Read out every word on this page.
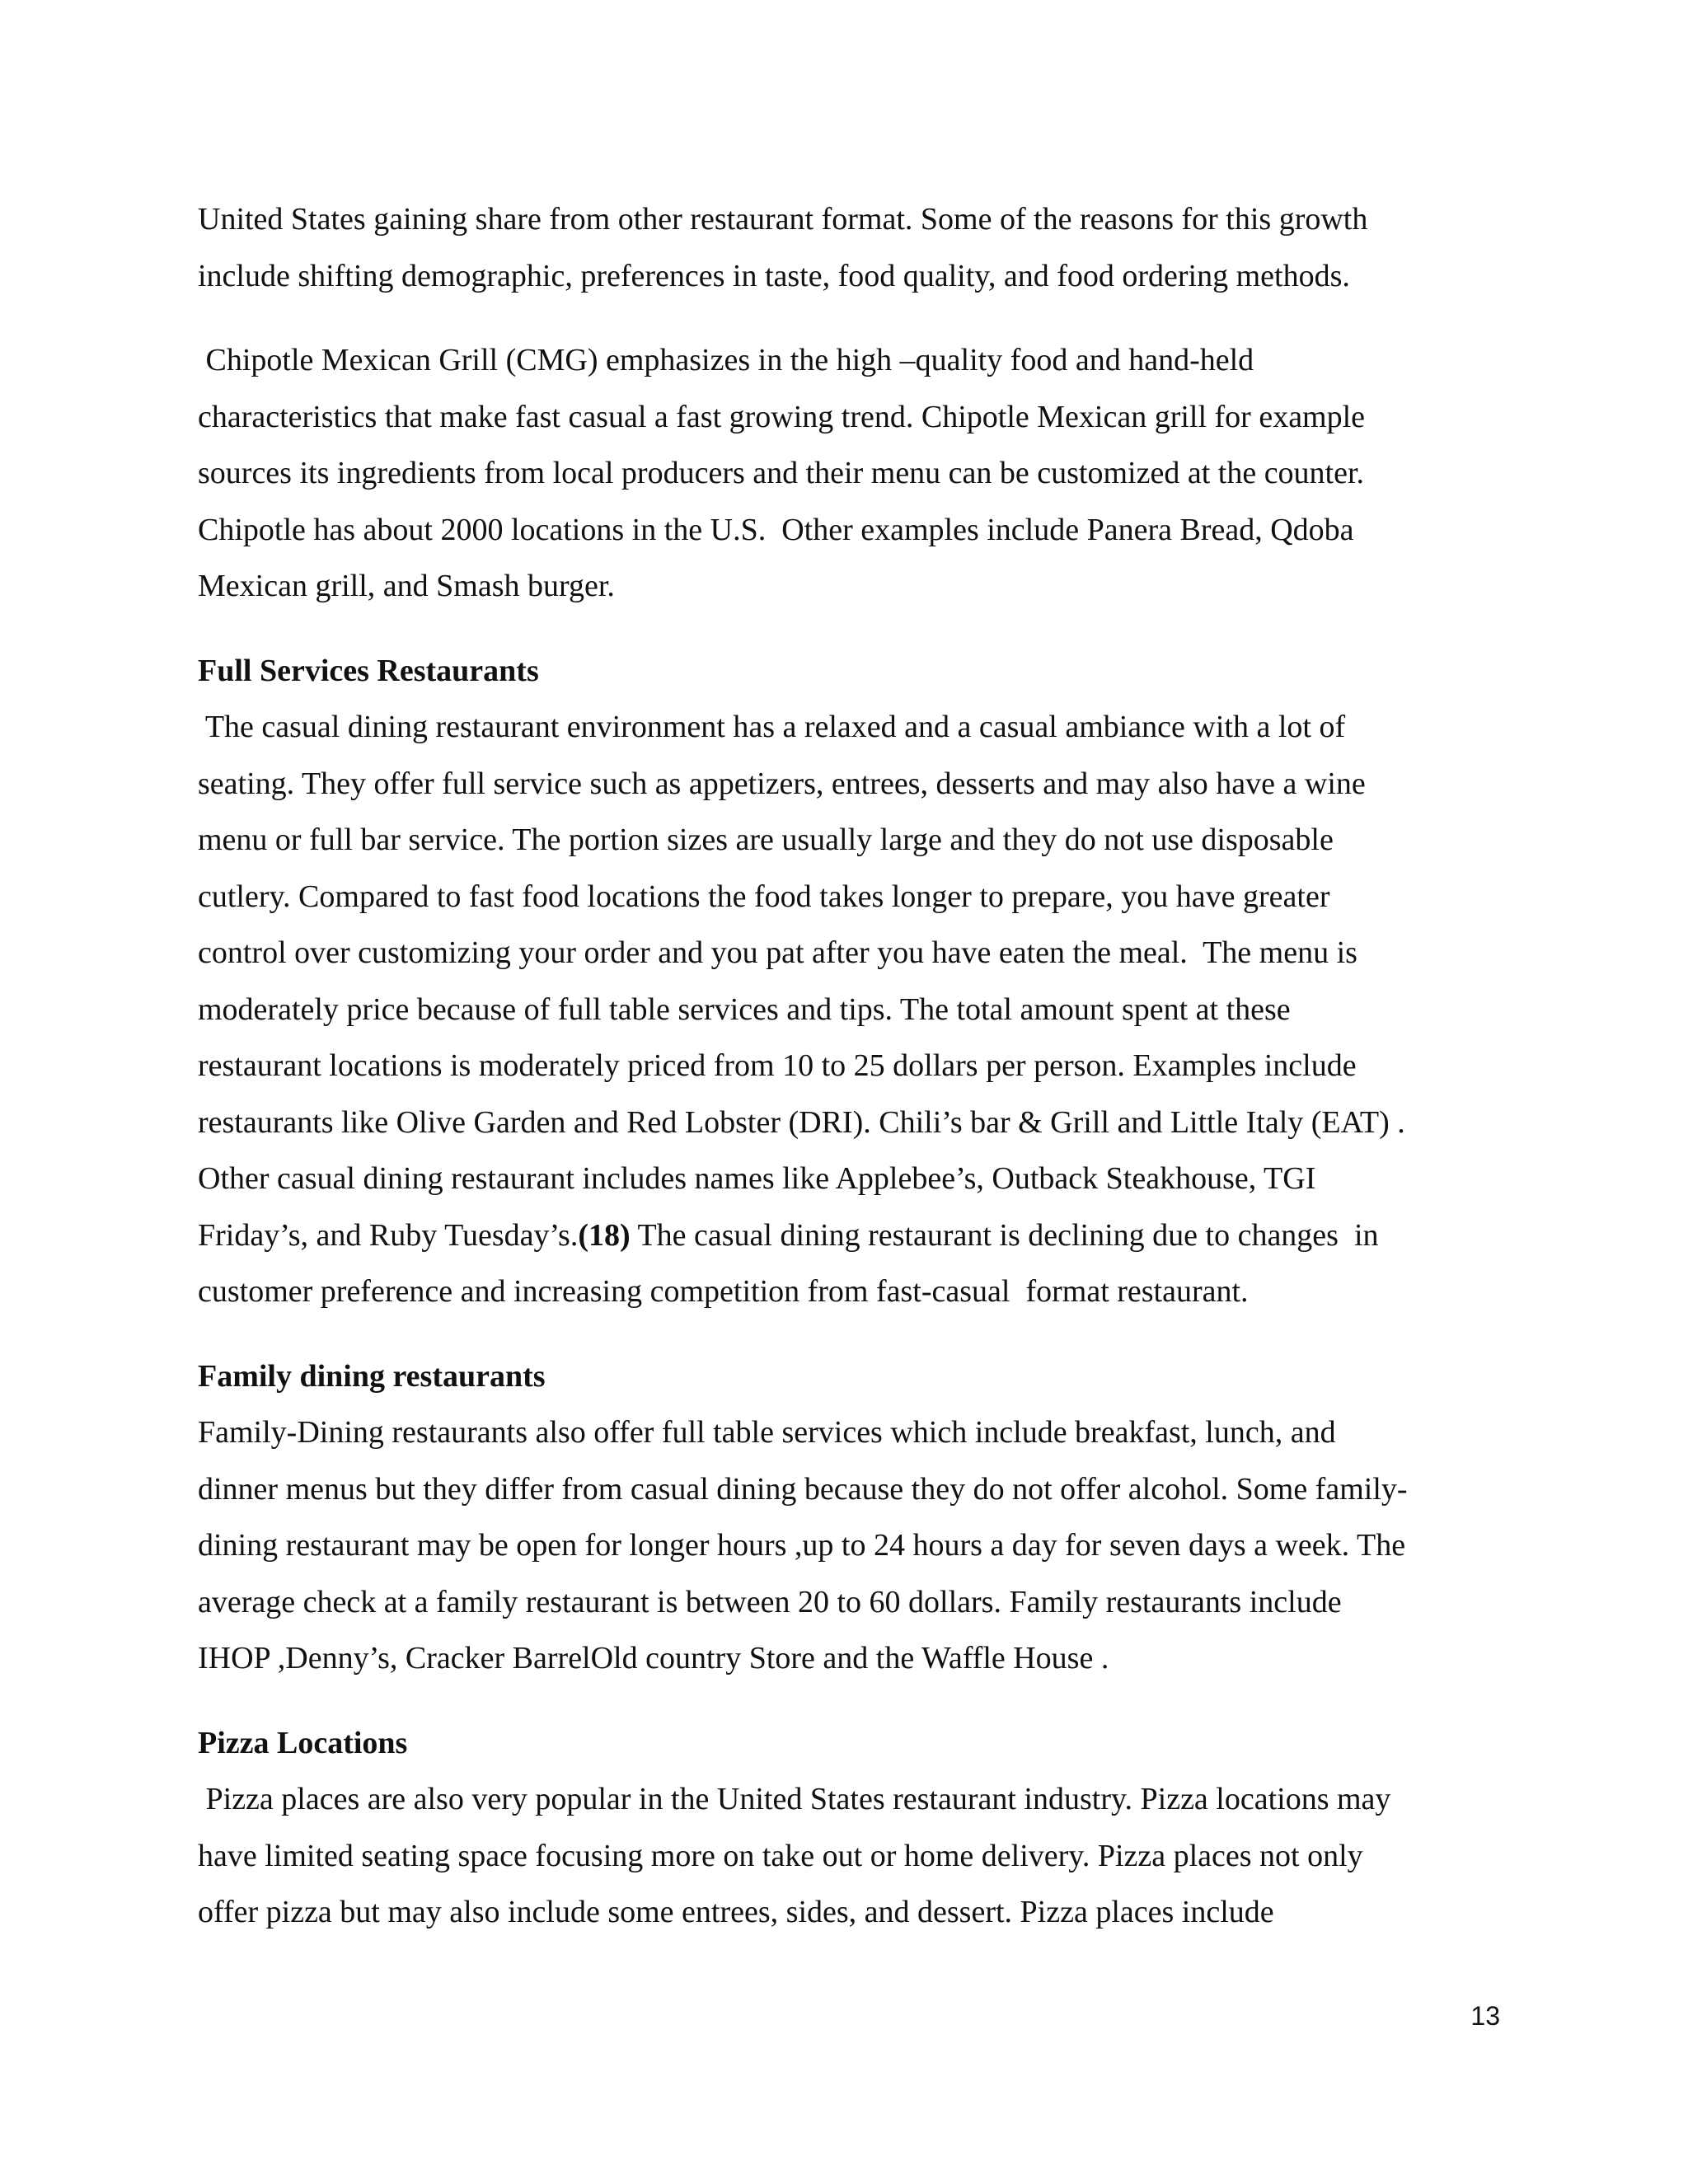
United States gaining share from other restaurant format. Some of the reasons for this growth
include shifting demographic, preferences in taste, food quality, and food ordering methods.
Chipotle Mexican Grill (CMG) emphasizes in the high –quality food and hand-held
characteristics that make fast casual a fast growing trend. Chipotle Mexican grill for example
sources its ingredients from local producers and their menu can be customized at the counter.
Chipotle has about 2000 locations in the U.S.  Other examples include Panera Bread, Qdoba
Mexican grill, and Smash burger.
Full Services Restaurants
The casual dining restaurant environment has a relaxed and a casual ambiance with a lot of
seating. They offer full service such as appetizers, entrees, desserts and may also have a wine
menu or full bar service. The portion sizes are usually large and they do not use disposable
cutlery. Compared to fast food locations the food takes longer to prepare, you have greater
control over customizing your order and you pat after you have eaten the meal.  The menu is
moderately price because of full table services and tips. The total amount spent at these
restaurant locations is moderately priced from 10 to 25 dollars per person. Examples include
restaurants like Olive Garden and Red Lobster (DRI). Chili’s bar & Grill and Little Italy (EAT) .
Other casual dining restaurant includes names like Applebee’s, Outback Steakhouse, TGI
Friday’s, and Ruby Tuesday’s.(18) The casual dining restaurant is declining due to changes  in
customer preference and increasing competition from fast-casual  format restaurant.
Family dining restaurants
Family-Dining restaurants also offer full table services which include breakfast, lunch, and
dinner menus but they differ from casual dining because they do not offer alcohol. Some family-
dining restaurant may be open for longer hours ,up to 24 hours a day for seven days a week. The
average check at a family restaurant is between 20 to 60 dollars. Family restaurants include
IHOP ,Denny’s, Cracker BarrelOld country Store and the Waffle House .
Pizza Locations
Pizza places are also very popular in the United States restaurant industry. Pizza locations may
have limited seating space focusing more on take out or home delivery. Pizza places not only
offer pizza but may also include some entrees, sides, and dessert. Pizza places include
13
